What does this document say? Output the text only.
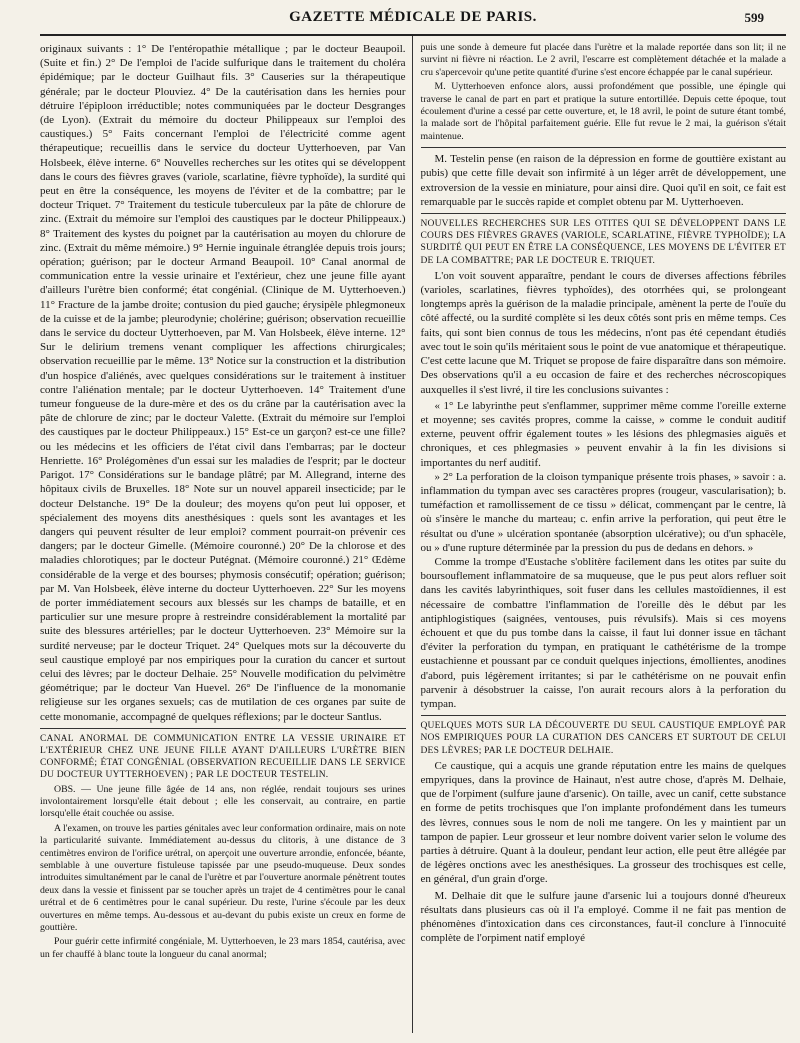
GAZETTE MÉDICALE DE PARIS.	599

originaux suivants : 1° De l'entéropathie métallique ; par le docteur Beaupoil. (Suite et fin.) 2° De l'emploi de l'acide sulfurique dans le traitement du choléra épidémique; par le docteur Guilhaut fils. 3° Causeries sur la thérapeutique générale; par le docteur Plouviez. 4° De la cautérisation dans les hernies pour détruire l'épiploon irréductible; notes communiquées par le docteur Desgranges (de Lyon). (Extrait du mémoire du docteur Philippeaux sur l'emploi des caustiques.) 5° Faits concernant l'emploi de l'électricité comme agent thérapeutique; recueillis dans le service du docteur Uytterhoeven, par Van Holsbeek, élève interne. 6° Nouvelles recherches sur les otites qui se développent dans le cours des fièvres graves (variole, scarlatine, fièvre typhoïde), la surdité qui peut en être la conséquence, les moyens de l'éviter et de la combattre; par le docteur Triquet. 7° Traitement du testicule tuberculeux par la pâte de chlorure de zinc. (Extrait du mémoire sur l'emploi des caustiques par le docteur Philippeaux.) 8° Traitement des kystes du poignet par la cautérisation au moyen du chlorure de zinc. (Extrait du même mémoire.) 9° Hernie inguinale étranglée depuis trois jours; opération; guérison; par le docteur Armand Beaupoil. 10° Canal anormal de communication entre la vessie urinaire et l'extérieur, chez une jeune fille ayant d'ailleurs l'urètre bien conformé; état congénial. (Clinique de M. Uytterhoeven.) 11° Fracture de la jambe droite; contusion du pied gauche; érysipèle phlegmoneux de la cuisse et de la jambe; pleurodynie; cholérine; guérison; observation recueillie dans le service du docteur Uytterhoeven, par M. Van Holsbeek, élève interne. 12° Sur le delirium tremens venant compliquer les affections chirurgicales; observation recueillie par le même. 13° Notice sur la construction et la distribution d'un hospice d'aliénés, avec quelques considérations sur le traitement à instituer contre l'aliénation mentale; par le docteur Uytterhoeven. 14° Traitement d'une tumeur fongueuse de la dure-mère et des os du crâne par la cautérisation avec la pâte de chlorure de zinc; par le docteur Valette. (Extrait du mémoire sur l'emploi des caustiques par le docteur Philippeaux.) 15° Est-ce un garçon? est-ce une fille? ou les médecins et les officiers de l'état civil dans l'embarras; par le docteur Henriette. 16° Prolégomènes d'un essai sur les maladies de l'esprit; par le docteur Parigot. 17° Considérations sur le bandage plâtré; par M. Allegrand, interne des hôpitaux civils de Bruxelles. 18° Note sur un nouvel appareil insecticide; par le docteur Delstanche. 19° De la douleur; des moyens qu'on peut lui opposer, et spécialement des moyens dits anesthésiques : quels sont les avantages et les dangers qui peuvent résulter de leur emploi? comment pourrait-on prévenir ces dangers; par le docteur Gimelle. (Mémoire couronné.) 20° De la chlorose et des maladies chlorotiques; par le docteur Putégnat. (Mémoire couronné.) 21° Œdème considérable de la verge et des bourses; phymosis consécutif; opération; guérison; par M. Van Holsbeek, élève interne du docteur Uytterhoeven. 22° Sur les moyens de porter immédiatement secours aux blessés sur les champs de bataille, et en particulier sur une mesure propre à restreindre considérablement la mortalité par suite des blessures artérielles; par le docteur Uytterhoeven. 23° Mémoire sur la surdité nerveuse; par le docteur Triquet. 24° Quelques mots sur la découverte du seul caustique employé par nos empiriques pour la curation du cancer et surtout celui des lèvres; par le docteur Delhaie. 25° Nouvelle modification du pelvimètre géométrique; par le docteur Van Huevel. 26° De l'influence de la monomanie religieuse sur les organes sexuels; cas de mutilation de ces organes par suite de cette monomanie, accompagné de quelques réflexions; par le docteur Santlus.

CANAL ANORMAL DE COMMUNICATION ENTRE LA VESSIE URINAIRE ET L'EXTÉRIEUR CHEZ UNE JEUNE FILLE AYANT D'AILLEURS L'URÈTRE BIEN CONFORMÉ; ÉTAT CONGÉNIAL (OBSERVATION RECUEILLIE DANS LE SERVICE DU DOCTEUR UYTTERHOEVEN) ; PAR LE DOCTEUR TESTELIN.

OBS. — Une jeune fille âgée de 14 ans, non réglée, rendait toujours ses urines involontairement lorsqu'elle était debout ; elle les conservait, au contraire, en partie lorsqu'elle était couchée ou assise.

A l'examen, on trouve les parties génitales avec leur conformation ordinaire, mais on note la particularité suivante. Immédiatement au-dessus du clitoris, à une distance de 3 centimètres environ de l'orifice urétral, on aperçoit une ouverture arrondie, enfoncée, béante, semblable à une ouverture fistuleuse tapissée par une pseudo-muqueuse. Deux sondes introduites simultanément par le canal de l'urètre et par l'ouverture anormale pénètrent toutes deux dans la vessie et finissent par se toucher après un trajet de 4 centimètres pour le canal urétral et de 6 centimètres pour le canal supérieur. Du reste, l'urine s'écoule par les deux ouvertures en même temps. Au-dessous et au-devant du pubis existe un creux en forme de gouttière.

Pour guérir cette infirmité congéniale, M. Uytterhoeven, le 23 mars 1854, cautérisa, avec un fer chauffé à blanc toute la longueur du canal anormal;

puis une sonde à demeure fut placée dans l'urètre et la malade reportée dans son lit; il ne survint ni fièvre ni réaction. Le 2 avril, l'escarre est complètement détachée et la malade a cru s'apercevoir qu'une petite quantité d'urine s'est encore échappée par le canal supérieur.

M. Uytterhoeven enfonce alors, aussi profondément que possible, une épingle qui traverse le canal de part en part et pratique la suture entortillée. Depuis cette époque, tout écoulement d'urine a cessé par cette ouverture, et, le 18 avril, le point de suture étant tombé, la malade sort de l'hôpital parfaitement guérie. Elle fut revue le 2 mai, la guérison s'était maintenue.

M. Testelin pense (en raison de la dépression en forme de gouttière existant au pubis) que cette fille devait son infirmité à un léger arrêt de développement, une extroversion de la vessie en miniature, pour ainsi dire. Quoi qu'il en soit, ce fait est remarquable par le succès rapide et complet obtenu par M. Uytterhoeven.

NOUVELLES RECHERCHES SUR LES OTITES QUI SE DÉVELOPPENT DANS LE COURS DES FIÈVRES GRAVES (VARIOLE, SCARLATINE, FIÈVRE TYPHOÏDE); LA SURDITÉ QUI PEUT EN ÊTRE LA CONSÉQUENCE, LES MOYENS DE L'ÉVITER ET DE LA COMBATTRE; PAR LE DOCTEUR E. TRIQUET.

L'on voit souvent apparaître, pendant le cours de diverses affections fébriles (varioles, scarlatines, fièvres typhoïdes), des otorrhées qui, se prolongeant longtemps après la guérison de la maladie principale, amènent la perte de l'ouïe du côté affecté, ou la surdité complète si les deux côtés sont pris en même temps. Ces faits, qui sont bien connus de tous les médecins, n'ont pas été cependant étudiés avec tout le soin qu'ils méritaient sous le point de vue anatomique et thérapeutique. C'est cette lacune que M. Triquet se propose de faire disparaître dans son mémoire. Des observations qu'il a eu occasion de faire et des recherches nécroscopiques auxquelles il s'est livré, il tire les conclusions suivantes :

« 1° Le labyrinthe peut s'enflammer, supprimer même comme l'oreille externe et moyenne; ses cavités propres, comme la caisse, » comme le conduit auditif externe, peuvent offrir également toutes » les lésions des phlegmasies aiguës et chroniques, et ces phlegmasies » peuvent envahir à la fin les divisions si importantes du nerf auditif.

» 2° La perforation de la cloison tympanique présente trois phases, » savoir : a. inflammation du tympan avec ses caractères propres (rougeur, vascularisation); b. tuméfaction et ramollissement de ce tissu » délicat, commençant par le centre, là où s'insère le manche du marteau; c. enfin arrive la perforation, qui peut être le résultat ou d'une » ulcération spontanée (absorption ulcérative); ou d'un sphacèle, ou » d'une rupture déterminée par la pression du pus de dedans en dehors. »

Comme la trompe d'Eustache s'oblitère facilement dans les otites par suite du boursouflement inflammatoire de sa muqueuse, que le pus peut alors refluer soit dans les cavités labyrinthiques, soit fuser dans les cellules mastoïdiennes, il est nécessaire de combattre l'inflammation de l'oreille dès le début par les antiphlogistiques (saignées, ventouses, puis révulsifs). Mais si ces moyens échouent et que du pus tombe dans la caisse, il faut lui donner issue en tâchant d'éviter la perforation du tympan, en pratiquant le cathétérisme de la trompe eustachienne et poussant par ce conduit quelques injections, émollientes, anodines d'abord, puis légèrement irritantes; si par le cathétérisme on ne pouvait enfin parvenir à désobstruer la caisse, l'on aurait recours alors à la perforation du tympan.

QUELQUES MOTS SUR LA DÉCOUVERTE DU SEUL CAUSTIQUE EMPLOYÉ PAR NOS EMPIRIQUES POUR LA CURATION DES CANCERS ET SURTOUT DE CELUI DES LÈVRES; PAR LE DOCTEUR DELHAIE.

Ce caustique, qui a acquis une grande réputation entre les mains de quelques empyriques, dans la province de Hainaut, n'est autre chose, d'après M. Delhaie, que de l'orpiment (sulfure jaune d'arsenic). On taille, avec un canif, cette substance en forme de petits trochisques que l'on implante profondément dans les tumeurs des lèvres, connues sous le nom de noli me tangere. On les y maintient par un tampon de papier. Leur grosseur et leur nombre doivent varier selon le volume des parties à détruire. Quant à la douleur, pendant leur action, elle peut être allégée par de légères onctions avec les anesthésiques. La grosseur des trochisques est celle, en général, d'un grain d'orge.

M. Delhaie dit que le sulfure jaune d'arsenic lui a toujours donné d'heureux résultats dans plusieurs cas où il l'a employé. Comme il ne fait pas mention de phénomènes d'intoxication dans ces circonstances, faut-il conclure à l'innocuité complète de l'orpiment natif employé
